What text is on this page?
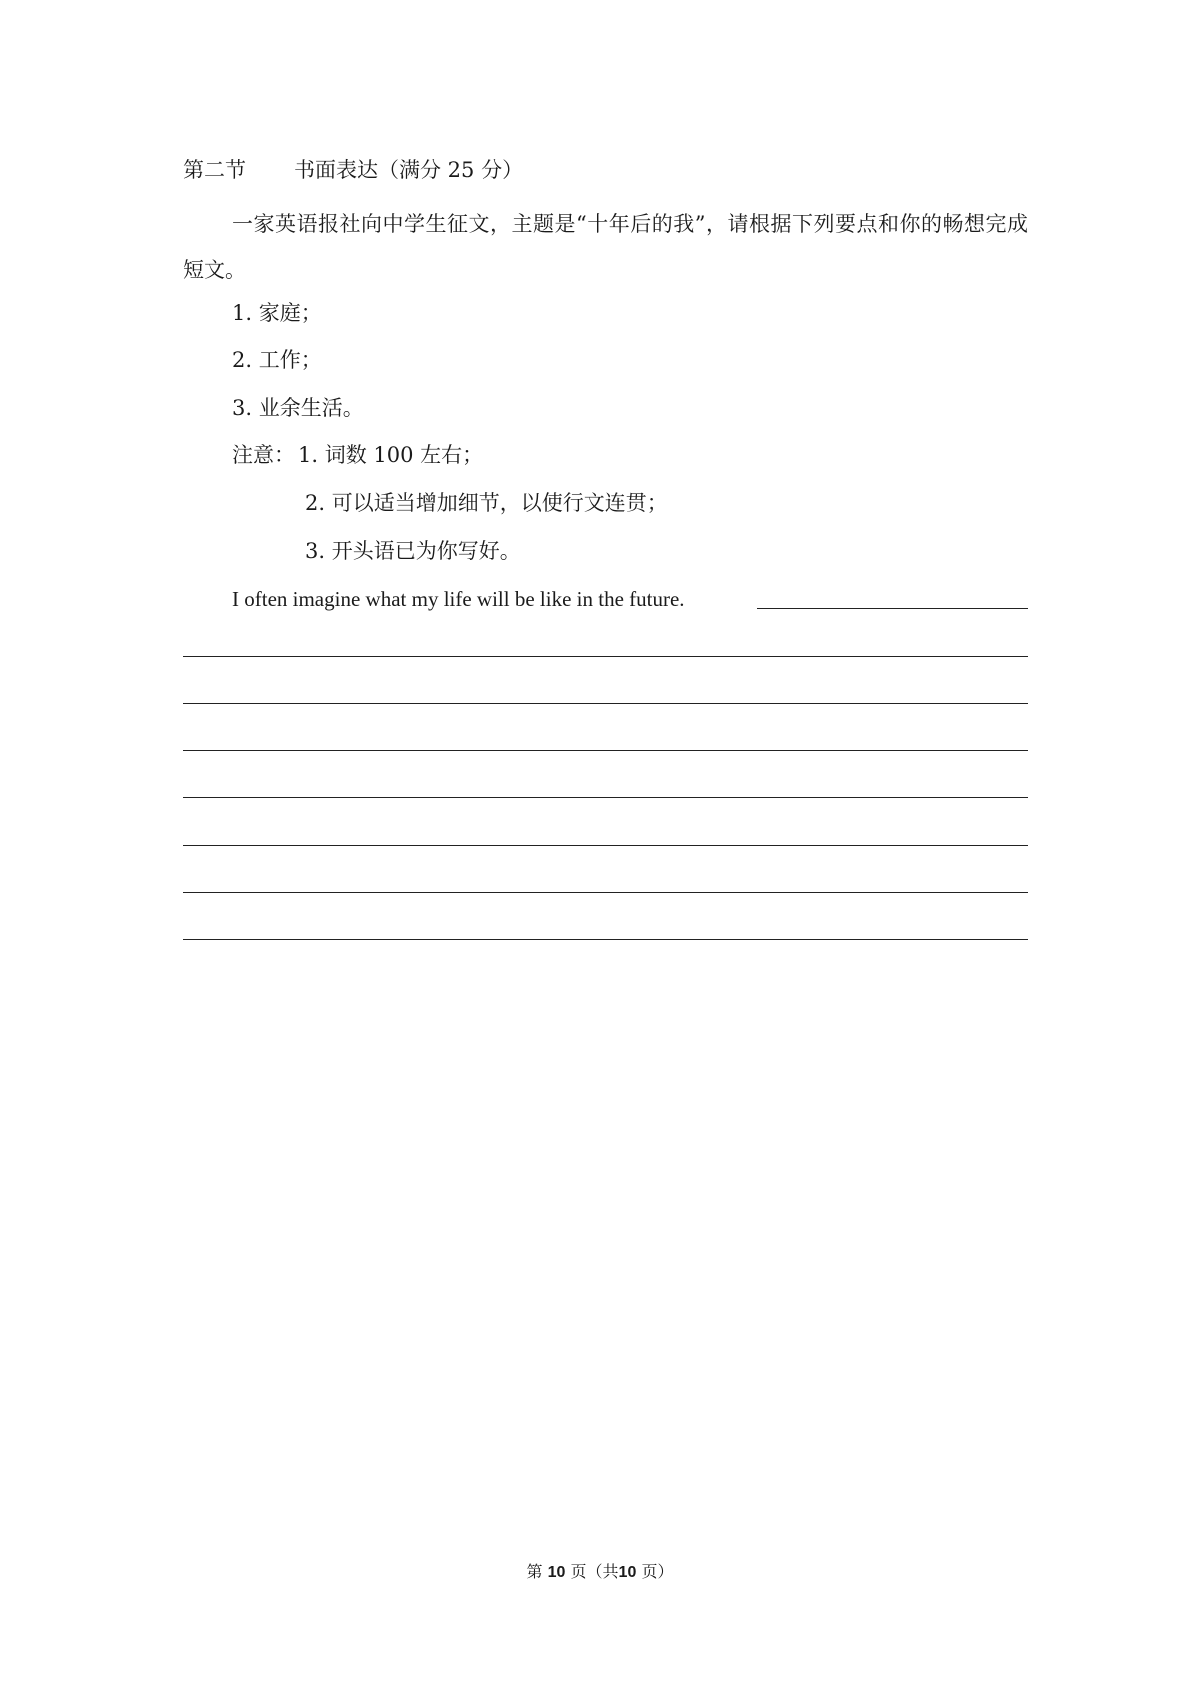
第二节 书面表达（满分 25 分）
一家英语报社向中学生征文，主题是“十年后的我”，请根据下列要点和你的畅想完成短文。
1. 家庭；
2. 工作；
3. 业余生活。
注意： 1. 词数 100 左右；
2. 可以适当增加细节，以使行文连贯；
3. 开头语已为你写好。
I often imagine what my life will be like in the future.
第 10 页（共10 页）
